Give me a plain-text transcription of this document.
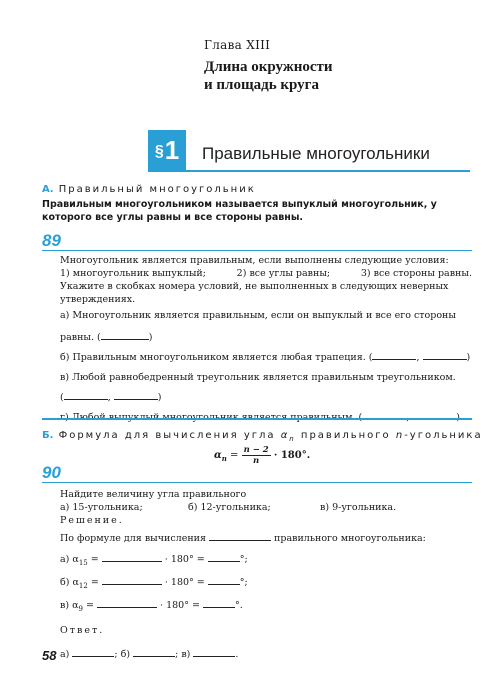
Глава XIII
Длина окружности
и площадь круга
§ 1 Правильные многоугольники
А. Правильный многоугольник
Правильным многоугольником называется выпуклый многоугольник, у которого все углы равны и все стороны равны.
89
Многоугольник является правильным, если выполнены следующие условия:
1) многоугольник выпуклый;	2) все углы равны;	3) все стороны равны.
Укажите в скобках номера условий, не выполненных в следующих неверных утверждениях.
а) Многоугольник является правильным, если он выпуклый и все его стороны
равны. (	)
б) Правильным многоугольником является любая трапеция. (	,	)
в) Любой равнобедренный треугольник является правильным треугольником.
(	,	)
Б. Формула для вычисления угла $\alpha_n$ правильного n-угольника
$\alpha_n = \frac{n - 2}{n} \cdot 180^\circ$.
90
Найдите величину угла правильного
а) 15-угольника;	б) 12-угольника;	в) 9-угольника.
Решение.
По формуле для вычисления	правильного многоугольника:
а) $\alpha_{15}$ =	· 180° =	°;
б) $\alpha_{12}$ =	· 180° =	°;
в) $\alpha_9$ =	· 180° =	°.
Ответ.
а)	; б)	; в)	.
58
